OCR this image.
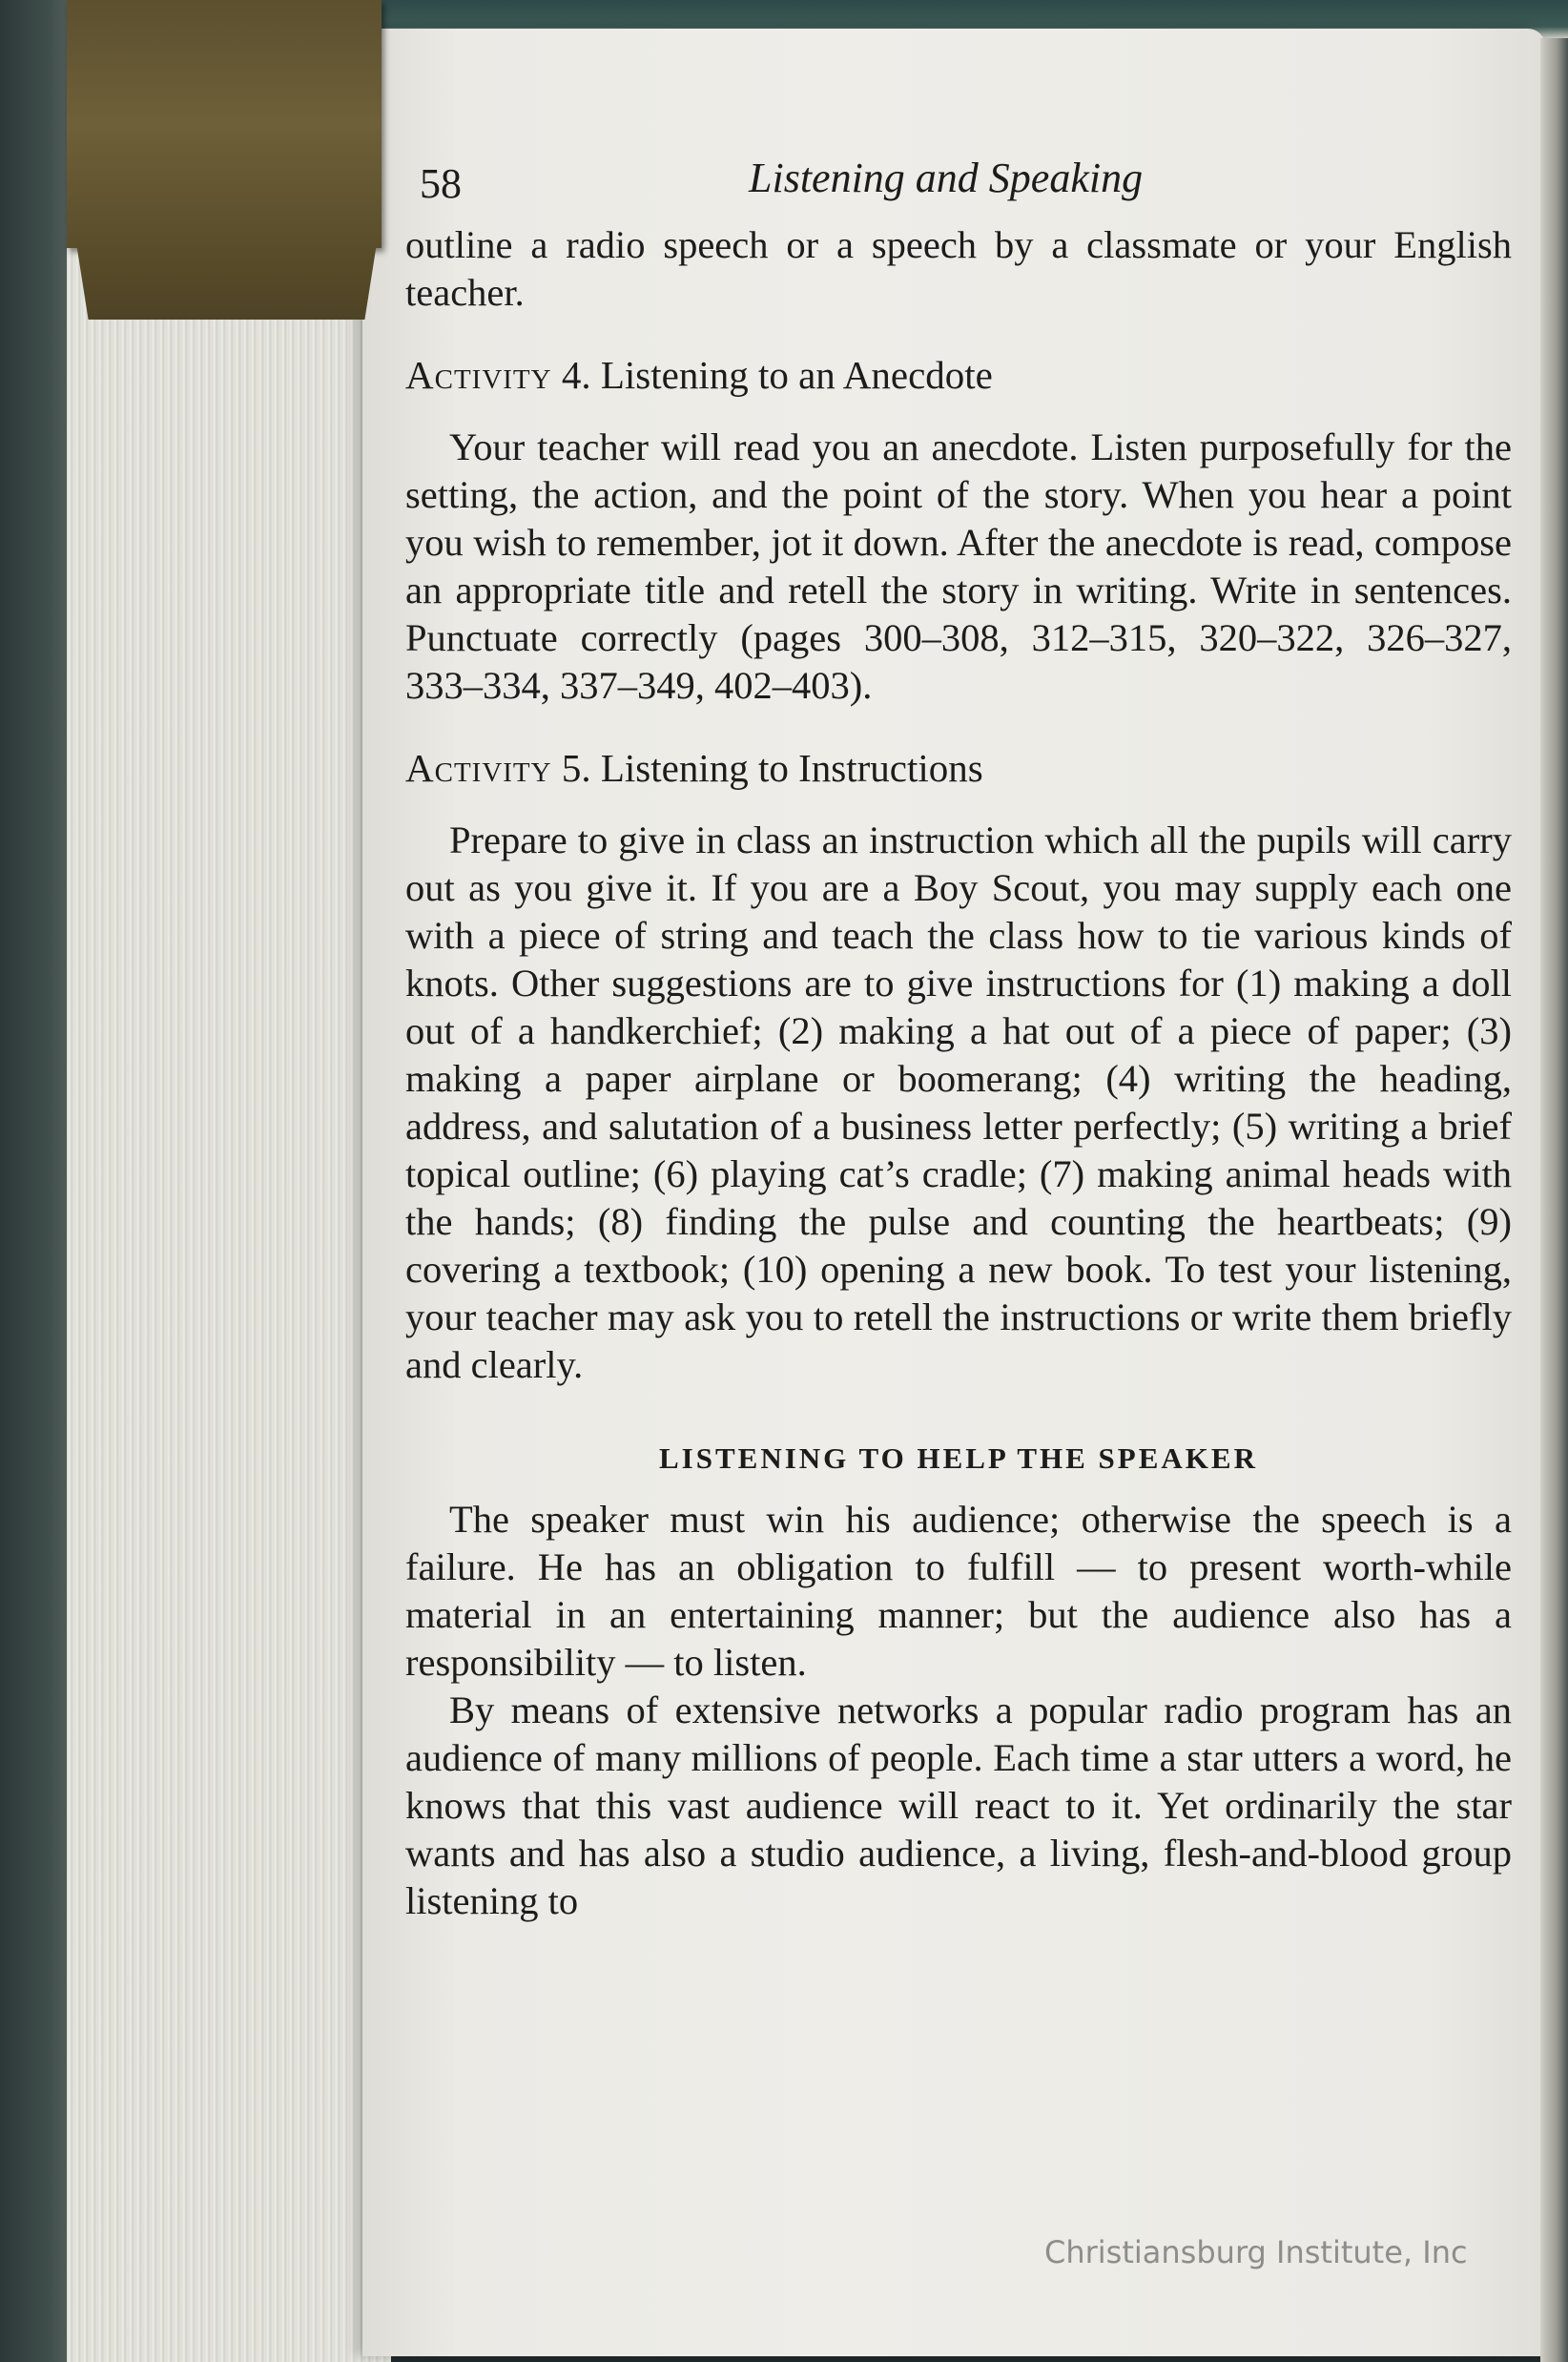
58	Listening and Speaking

outline a radio speech or a speech by a classmate or your English teacher.

Activity 4. Listening to an Anecdote

Your teacher will read you an anecdote. Listen purposefully for the setting, the action, and the point of the story. When you hear a point you wish to remember, jot it down. After the anecdote is read, compose an appropriate title and retell the story in writing. Write in sentences. Punctuate correctly (pages 300–308, 312–315, 320–322, 326–327, 333–334, 337–349, 402–403).

Activity 5. Listening to Instructions

Prepare to give in class an instruction which all the pupils will carry out as you give it. If you are a Boy Scout, you may supply each one with a piece of string and teach the class how to tie various kinds of knots. Other suggestions are to give instructions for (1) making a doll out of a handkerchief; (2) making a hat out of a piece of paper; (3) making a paper airplane or boomerang; (4) writing the heading, address, and salutation of a business letter perfectly; (5) writing a brief topical outline; (6) playing cat’s cradle; (7) making animal heads with the hands; (8) finding the pulse and counting the heartbeats; (9) covering a textbook; (10) opening a new book. To test your listening, your teacher may ask you to retell the instructions or write them briefly and clearly.

LISTENING TO HELP THE SPEAKER

The speaker must win his audience; otherwise the speech is a failure. He has an obligation to fulfill — to present worth-while material in an entertaining manner; but the audience also has a responsibility — to listen.

By means of extensive networks a popular radio program has an audience of many millions of people. Each time a star utters a word, he knows that this vast audience will react to it. Yet ordinarily the star wants and has also a studio audience, a living, flesh-and-blood group listening to

Christiansburg Institute, Inc
